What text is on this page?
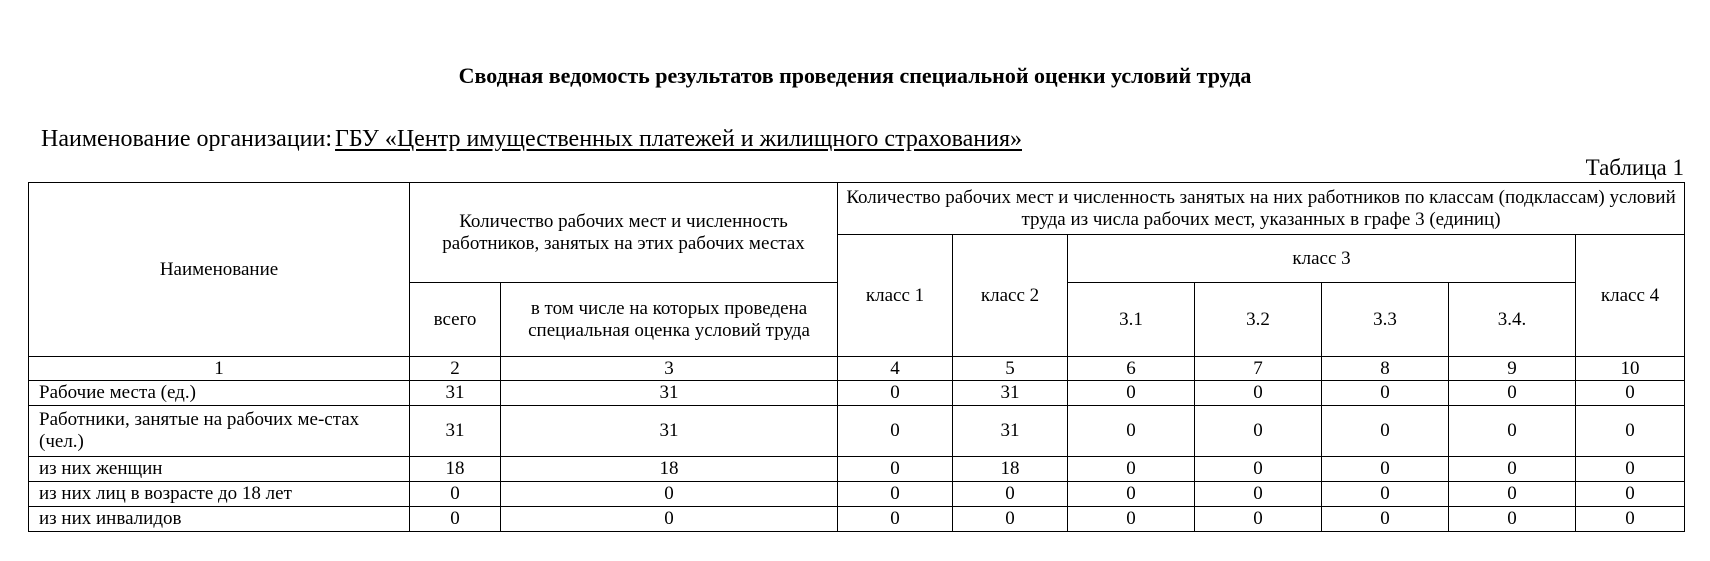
Сводная ведомость результатов проведения специальной оценки условий труда
Наименование организации: ГБУ «Центр имущественных платежей и жилищного страхования»
Таблица 1
Наименование	Количество рабочих мест и численность работников, занятых на этих рабочих местах		Количество рабочих мест и численность занятых на них работников по классам (подклассам) условий труда из числа рабочих мест, указанных в графе 3 (единиц)						
			класс 1	класс 2	класс 3				класс 4
	всего	в том числе на которых проведена специальная оценка условий труда			3.1	3.2	3.3	3.4.	
1	2	3	4	5	6	7	8	9	10
Рабочие места (ед.)	31	31	0	31	0	0	0	0	0
Работники, занятые на рабочих ме-стах (чел.)	31	31	0	31	0	0	0	0	0
из них женщин	18	18	0	18	0	0	0	0	0
из них лиц в возрасте до 18 лет	0	0	0	0	0	0	0	0	0
из них инвалидов	0	0	0	0	0	0	0	0	0
